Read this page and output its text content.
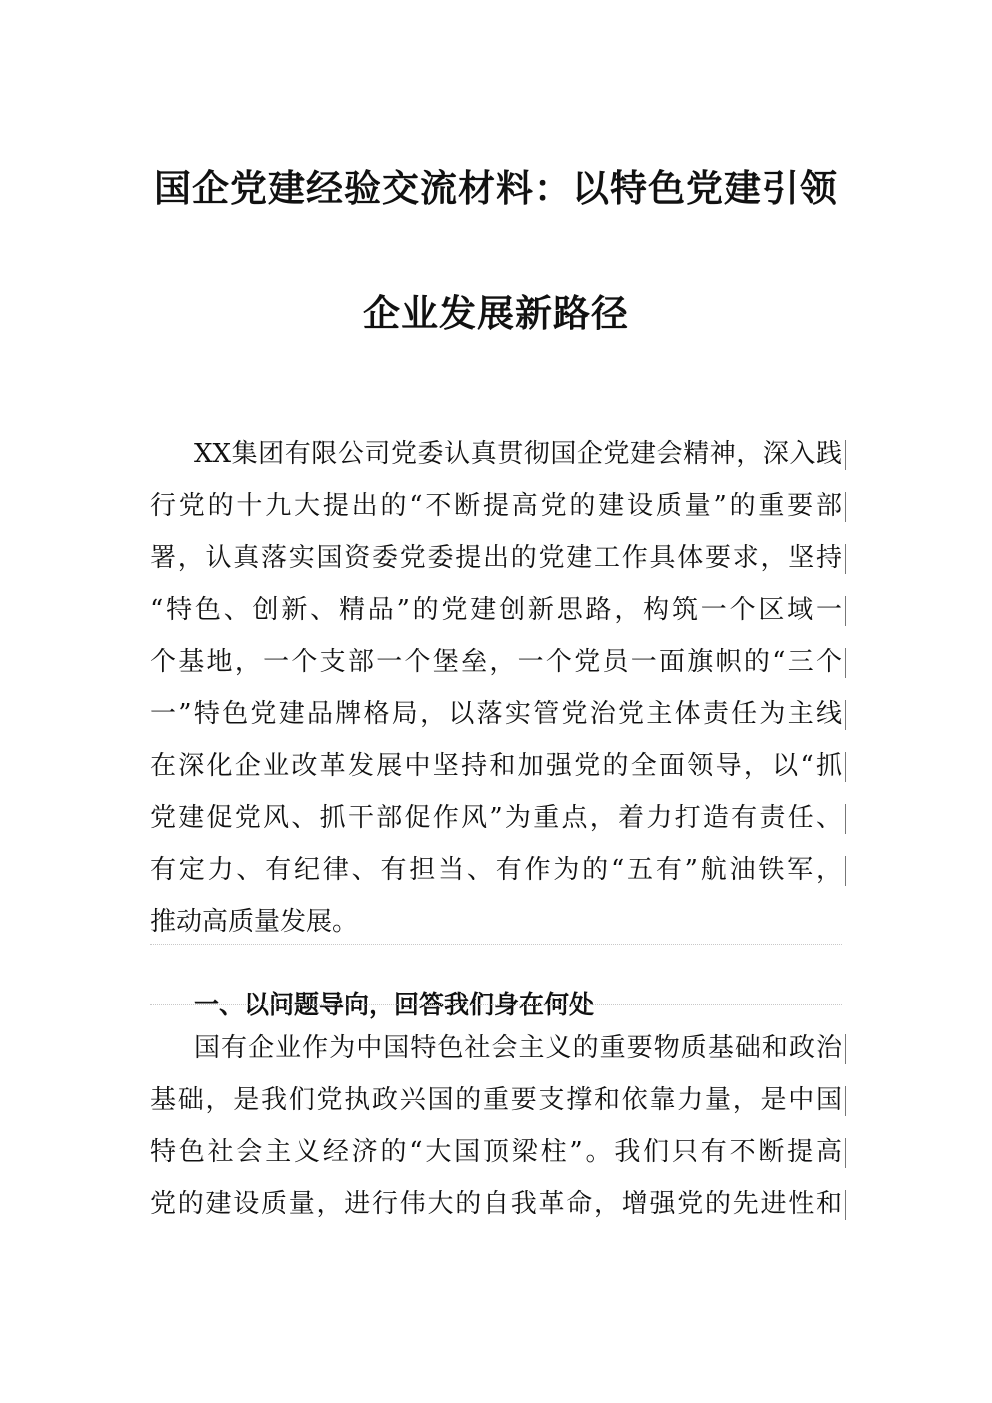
国企党建经验交流材料：以特色党建引领
企业发展新路径
XX集团有限公司党委认真贯彻国企党建会精神，深入践
行党的十九大提出的“不断提高党的建设质量”的重要部
署，认真落实国资委党委提出的党建工作具体要求，坚持
“特色、创新、精品”的党建创新思路，构筑一个区域一
个基地，一个支部一个堡垒，一个党员一面旗帜的“三个
一”特色党建品牌格局，以落实管党治党主体责任为主线
在深化企业改革发展中坚持和加强党的全面领导，以“抓
党建促党风、抓干部促作风”为重点，着力打造有责任、
有定力、有纪律、有担当、有作为的“五有”航油铁军，
推动高质量发展。
一、以问题导向，回答我们身在何处
国有企业作为中国特色社会主义的重要物质基础和政治
基础，是我们党执政兴国的重要支撑和依靠力量，是中国
特色社会主义经济的“大国顶梁柱”。我们只有不断提高
党的建设质量，进行伟大的自我革命，增强党的先进性和
